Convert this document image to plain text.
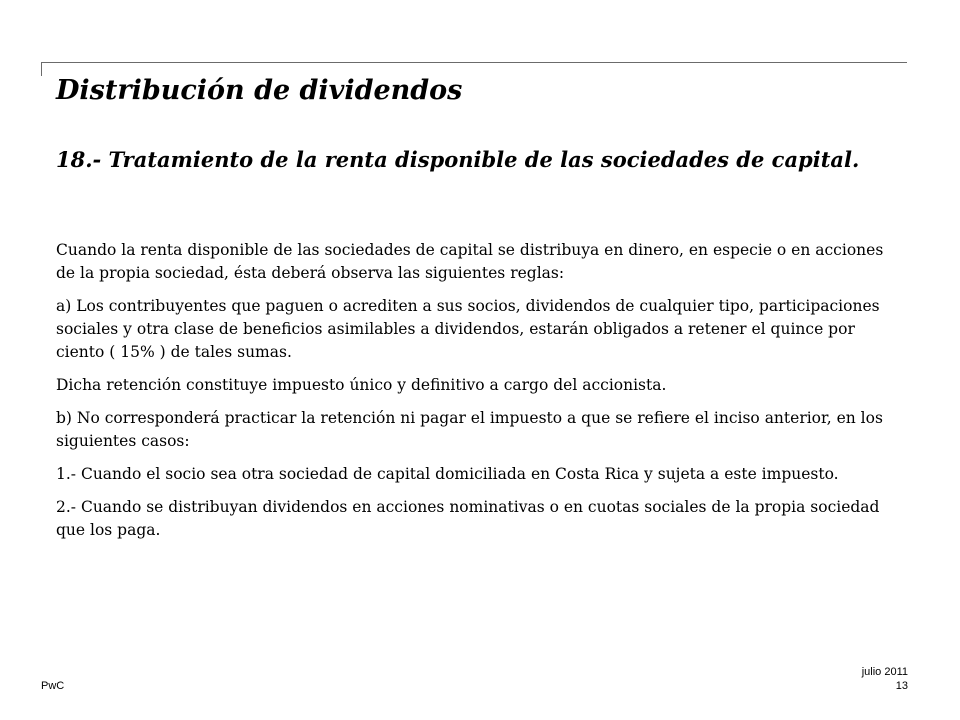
Distribución de dividendos
18.- Tratamiento de la renta disponible de las sociedades de capital.

Cuando la renta disponible de las sociedades de capital se distribuya en dinero, en especie o en acciones de la propia sociedad, ésta deberá observa las siguientes reglas:

a) Los contribuyentes que paguen o acrediten a sus socios, dividendos de cualquier tipo, participaciones sociales y otra clase de beneficios asimilables a dividendos, estarán obligados a retener el quince por ciento ( 15% ) de tales sumas.

Dicha retención constituye impuesto único y definitivo a cargo del accionista.

b) No corresponderá practicar la retención ni pagar el impuesto a que se refiere el inciso anterior, en los siguientes casos:

1.- Cuando el socio sea otra sociedad de capital domiciliada en Costa Rica y sujeta a este impuesto.

2.- Cuando se distribuyan dividendos en acciones nominativas o en cuotas sociales de la propia sociedad que los paga.

PwC
julio 2011
13
